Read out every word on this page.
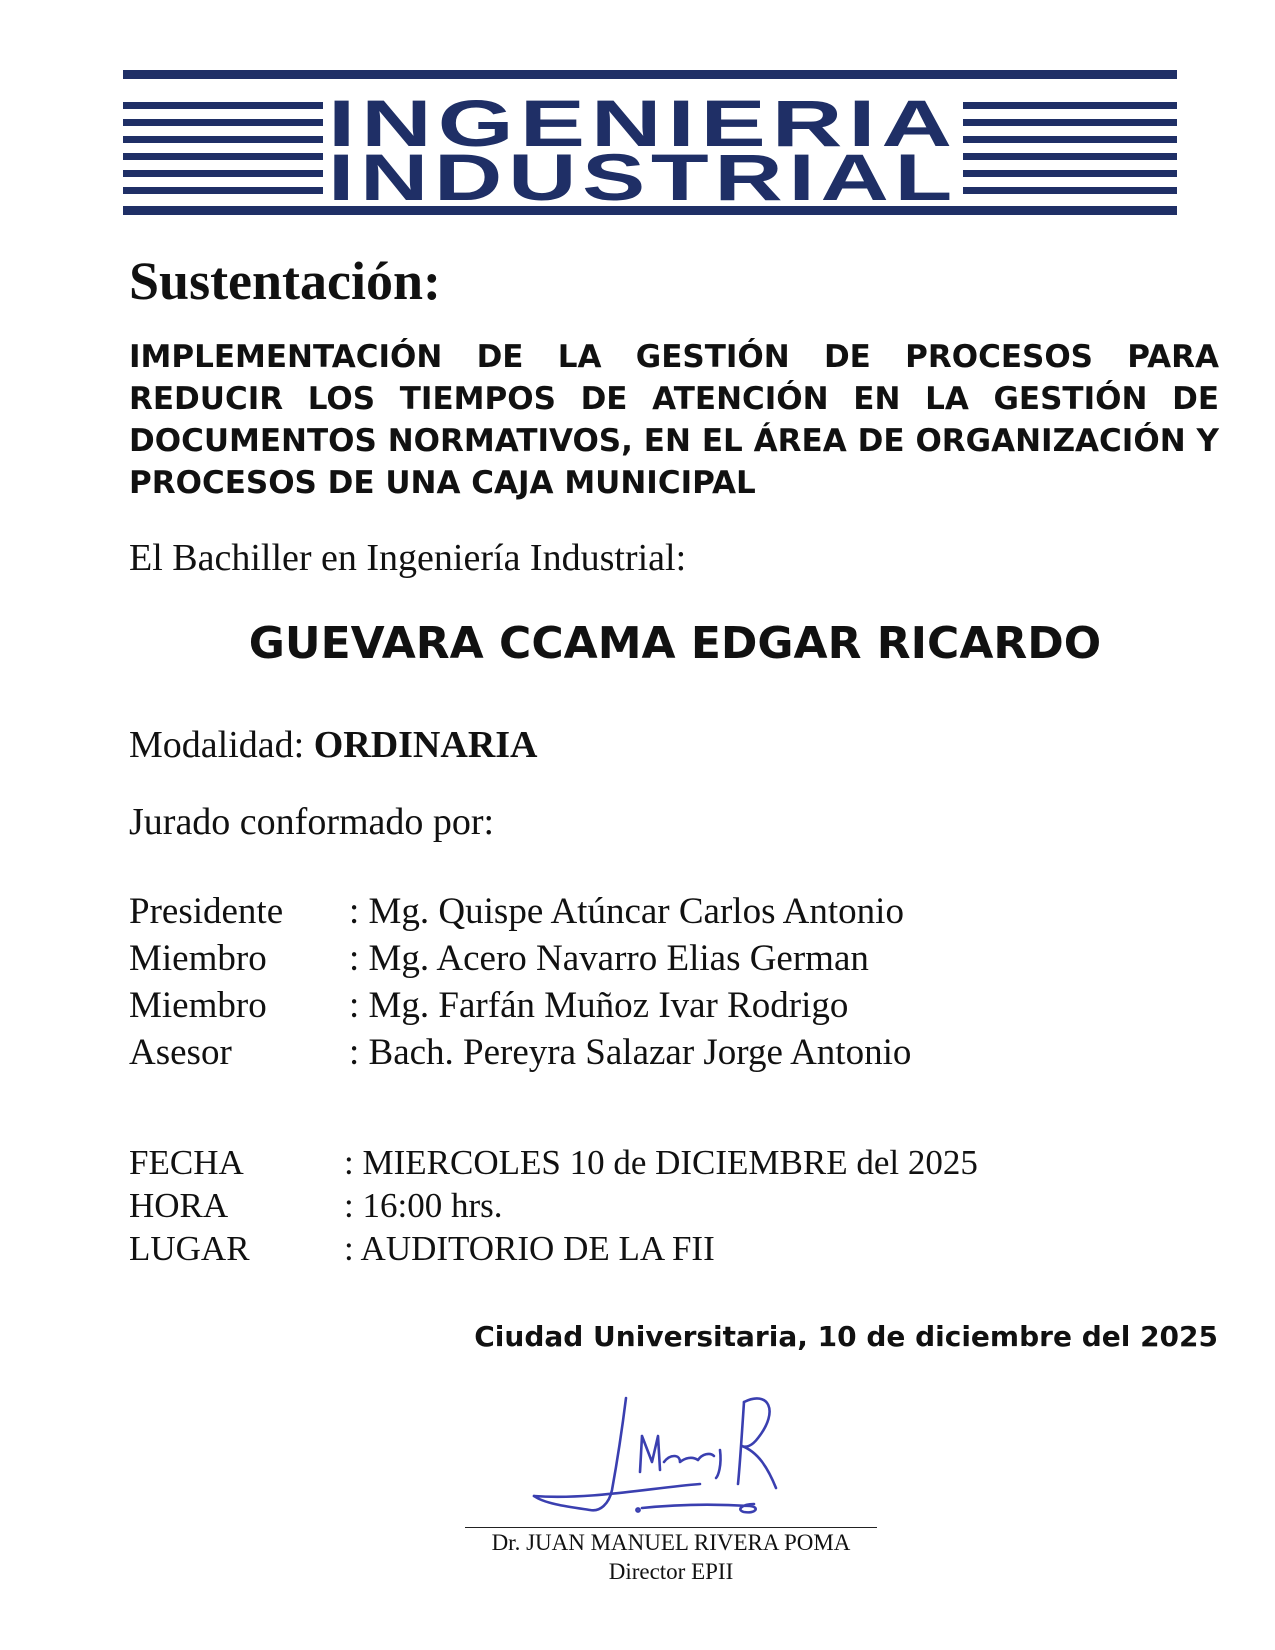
INGENIERIA
INDUSTRIAL
Sustentación:

IMPLEMENTACIÓN DE LA GESTIÓN DE PROCESOS PARA REDUCIR LOS TIEMPOS DE ATENCIÓN EN LA GESTIÓN DE DOCUMENTOS NORMATIVOS, EN EL ÁREA DE ORGANIZACIÓN Y PROCESOS DE UNA CAJA MUNICIPAL

El Bachiller en Ingeniería Industrial:
GUEVARA CCAMA EDGAR RICARDO
Modalidad: ORDINARIA
Jurado conformado por:
Presidente : Mg. Quispe Atúncar Carlos Antonio
Miembro : Mg. Acero Navarro Elias German
Miembro : Mg. Farfán Muñoz Ivar Rodrigo
Asesor	: Bach. Pereyra Salazar Jorge Antonio
FECHA	: MIERCOLES 10 de DICIEMBRE del 2025
HORA	: 16:00 hrs.
LUGAR	: AUDITORIO DE LA FII
Ciudad Universitaria, 10 de diciembre del 2025
Dr. JUAN MANUEL RIVERA POMA
Director EPII
